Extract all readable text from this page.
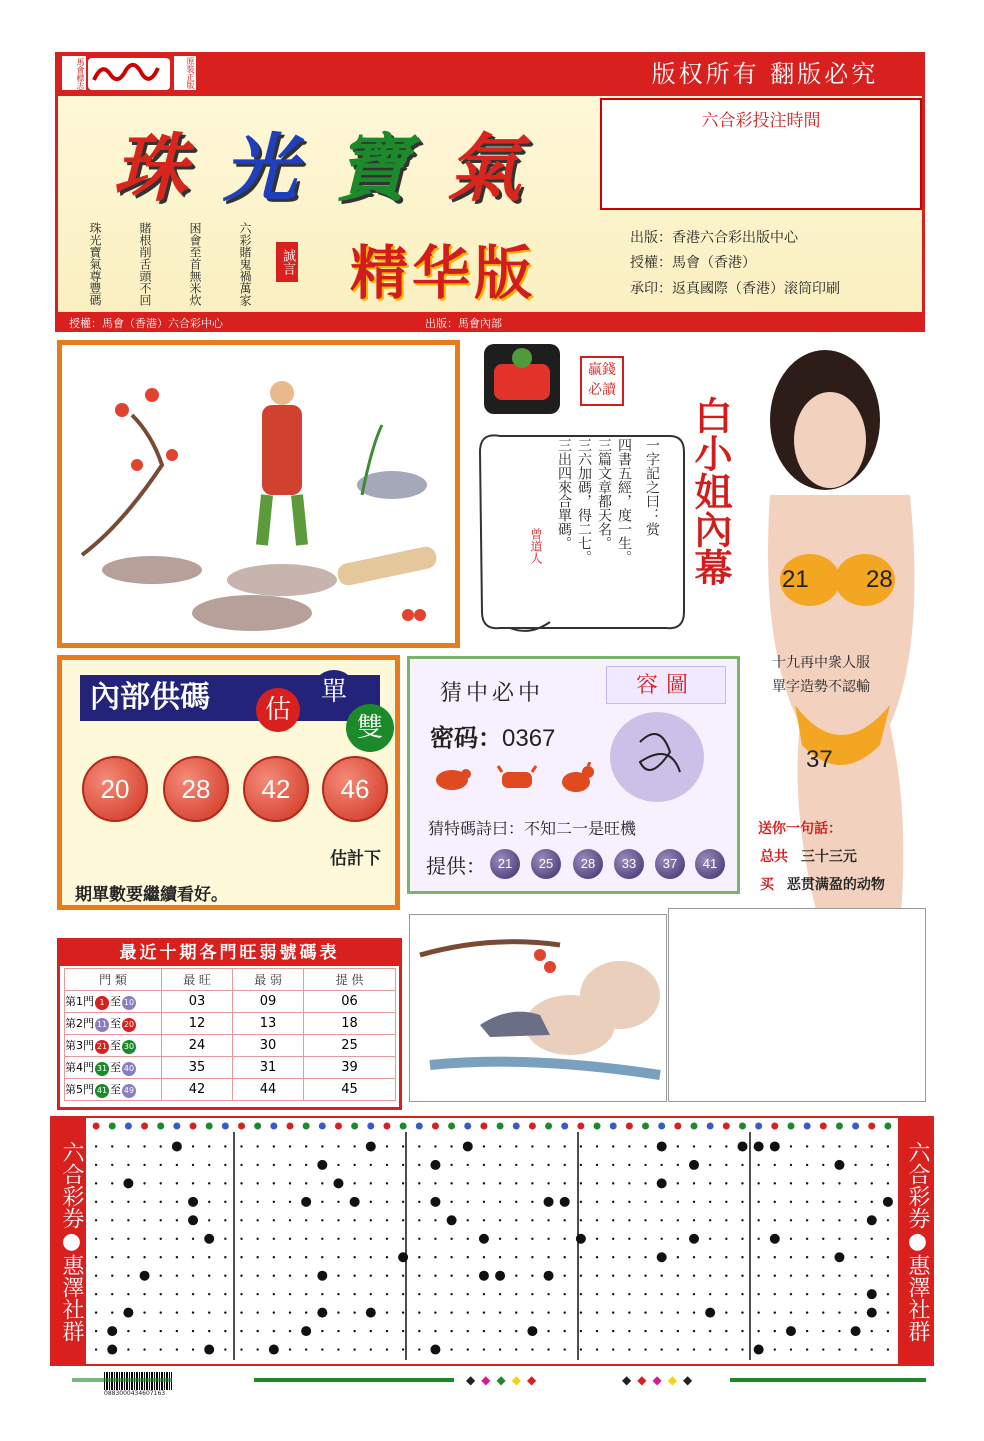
馬會標志	原裝正版	版权所有 翻版必究
珠 光 寶 氣
珠光寶氣尊豐碼	賭根削舌頭不回	困會至首無米炊	六彩賭鬼禍萬家	誠言 精华版
六合彩投注時間
出版：香港六合彩出版中心
授權：馬會（香港）
承印：返真國際（香港）滚筒印刷
授權：馬會（香港）六合彩中心	出版：馬會內部
贏錢必讀
一字記之曰：赏
四書五經，度一生。
三篇文章都天名。
三六加碼，得二七。
三出四來合單碼。
曾道人	白小姐內幕 21	28
37
十九再中衆人服
單字造勢不認輸
送你一句話：
总共 三十三元
买 恶贯满盈的动物
內部供碼	估
單
雙
20	28	42	46
估計下
期單數要繼續看好。
猜中必中	容圖
密码：0367
猜特碼詩曰：不知二一是旺機
提供： 21	25	28	33	37	41
最近十期各門旺弱號碼表
門 類	最 旺	最 弱	提 供
第1門 1 至 10	03	09	06
第2門 11 至 20	12	13	18
第3門 21 至 30	24	30	25
第4門 31 至 40	35	31	39
第5門 41 至 49	42	44	45
六合彩券●惠澤社群	六合彩券●惠澤社群
0883000434607163
◆◆◆◆◆	◆◆◆◆◆
